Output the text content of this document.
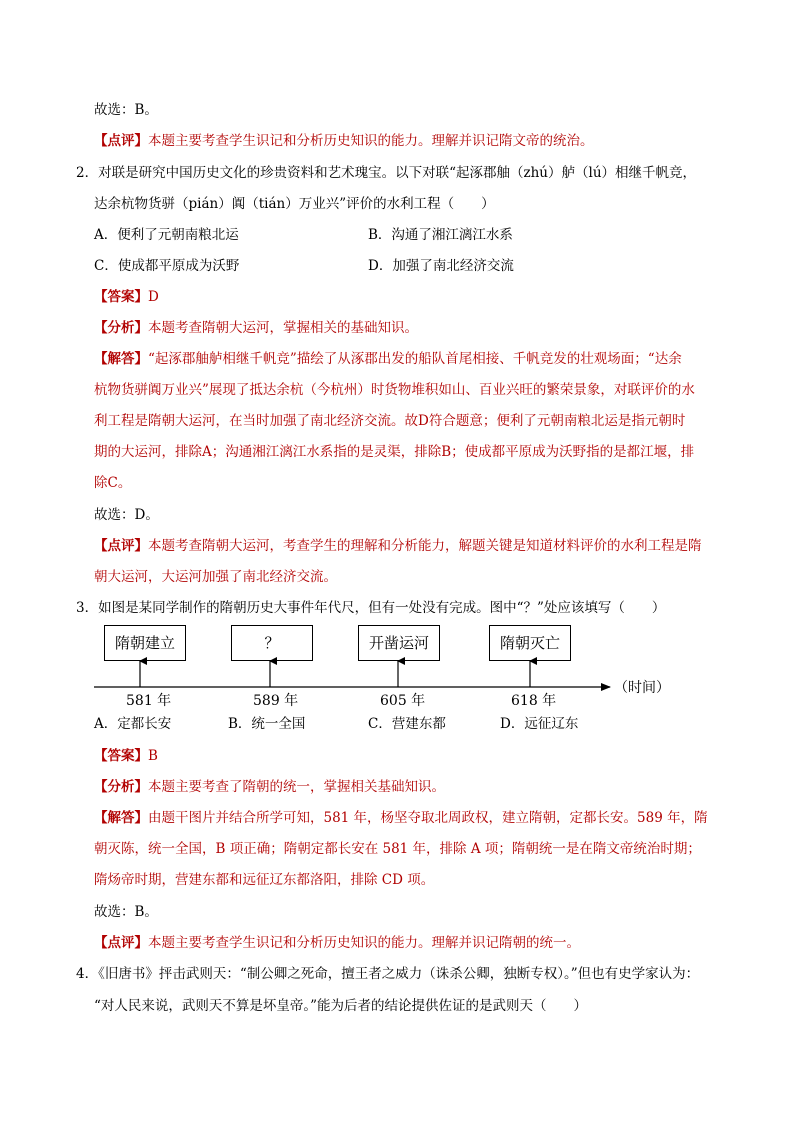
故选：B。
【点评】本题主要考查学生识记和分析历史知识的能力。理解并识记隋文帝的统治。
2．对联是研究中国历史文化的珍贵资料和艺术瑰宝。以下对联“起涿郡舳（zhú）舻（lú）相继千帆竞，
达余杭物货骈（pián）阗（tián）万业兴”评价的水利工程（　　）
A．便利了元朝南粮北运	B．沟通了湘江漓江水系
C．使成都平原成为沃野	D．加强了南北经济交流
【答案】D
【分析】本题考查隋朝大运河，掌握相关的基础知识。
【解答】“起涿郡舳舻相继千帆竞”描绘了从涿郡出发的船队首尾相接、千帆竞发的壮观场面；“达余
杭物货骈阗万业兴”展现了抵达余杭（今杭州）时货物堆积如山、百业兴旺的繁荣景象，对联评价的水
利工程是隋朝大运河，在当时加强了南北经济交流。故D符合题意；便利了元朝南粮北运是指元朝时
期的大运河，排除A；沟通湘江漓江水系指的是灵渠，排除B；使成都平原成为沃野指的是都江堰，排
除C。
故选：D。
【点评】本题考查隋朝大运河，考查学生的理解和分析能力，解题关键是知道材料评价的水利工程是隋
朝大运河，大运河加强了南北经济交流。
3．如图是某同学制作的隋朝历史大事件年代尺，但有一处没有完成。图中“？”处应该填写（　　）
隋朝建立	？	开凿运河	隋朝灭亡
581 年	589 年	605 年	618 年
（时间）
A．定都长安	B．统一全国	C．营建东都	D．远征辽东
【答案】B
【分析】本题主要考查了隋朝的统一，掌握相关基础知识。
【解答】由题干图片并结合所学可知，581 年，杨坚夺取北周政权，建立隋朝，定都长安。589 年，隋
朝灭陈，统一全国，B 项正确；隋朝定都长安在 581 年，排除 A 项；隋朝统一是在隋文帝统治时期；
隋炀帝时期，营建东都和远征辽东都洛阳，排除 CD 项。
故选：B。
【点评】本题主要考查学生识记和分析历史知识的能力。理解并识记隋朝的统一。
4．《旧唐书》抨击武则天：“制公卿之死命，擅王者之威力（诛杀公卿，独断专权）。”但也有史学家认为：
“对人民来说，武则天不算是坏皇帝。”能为后者的结论提供佐证的是武则天（　　）
